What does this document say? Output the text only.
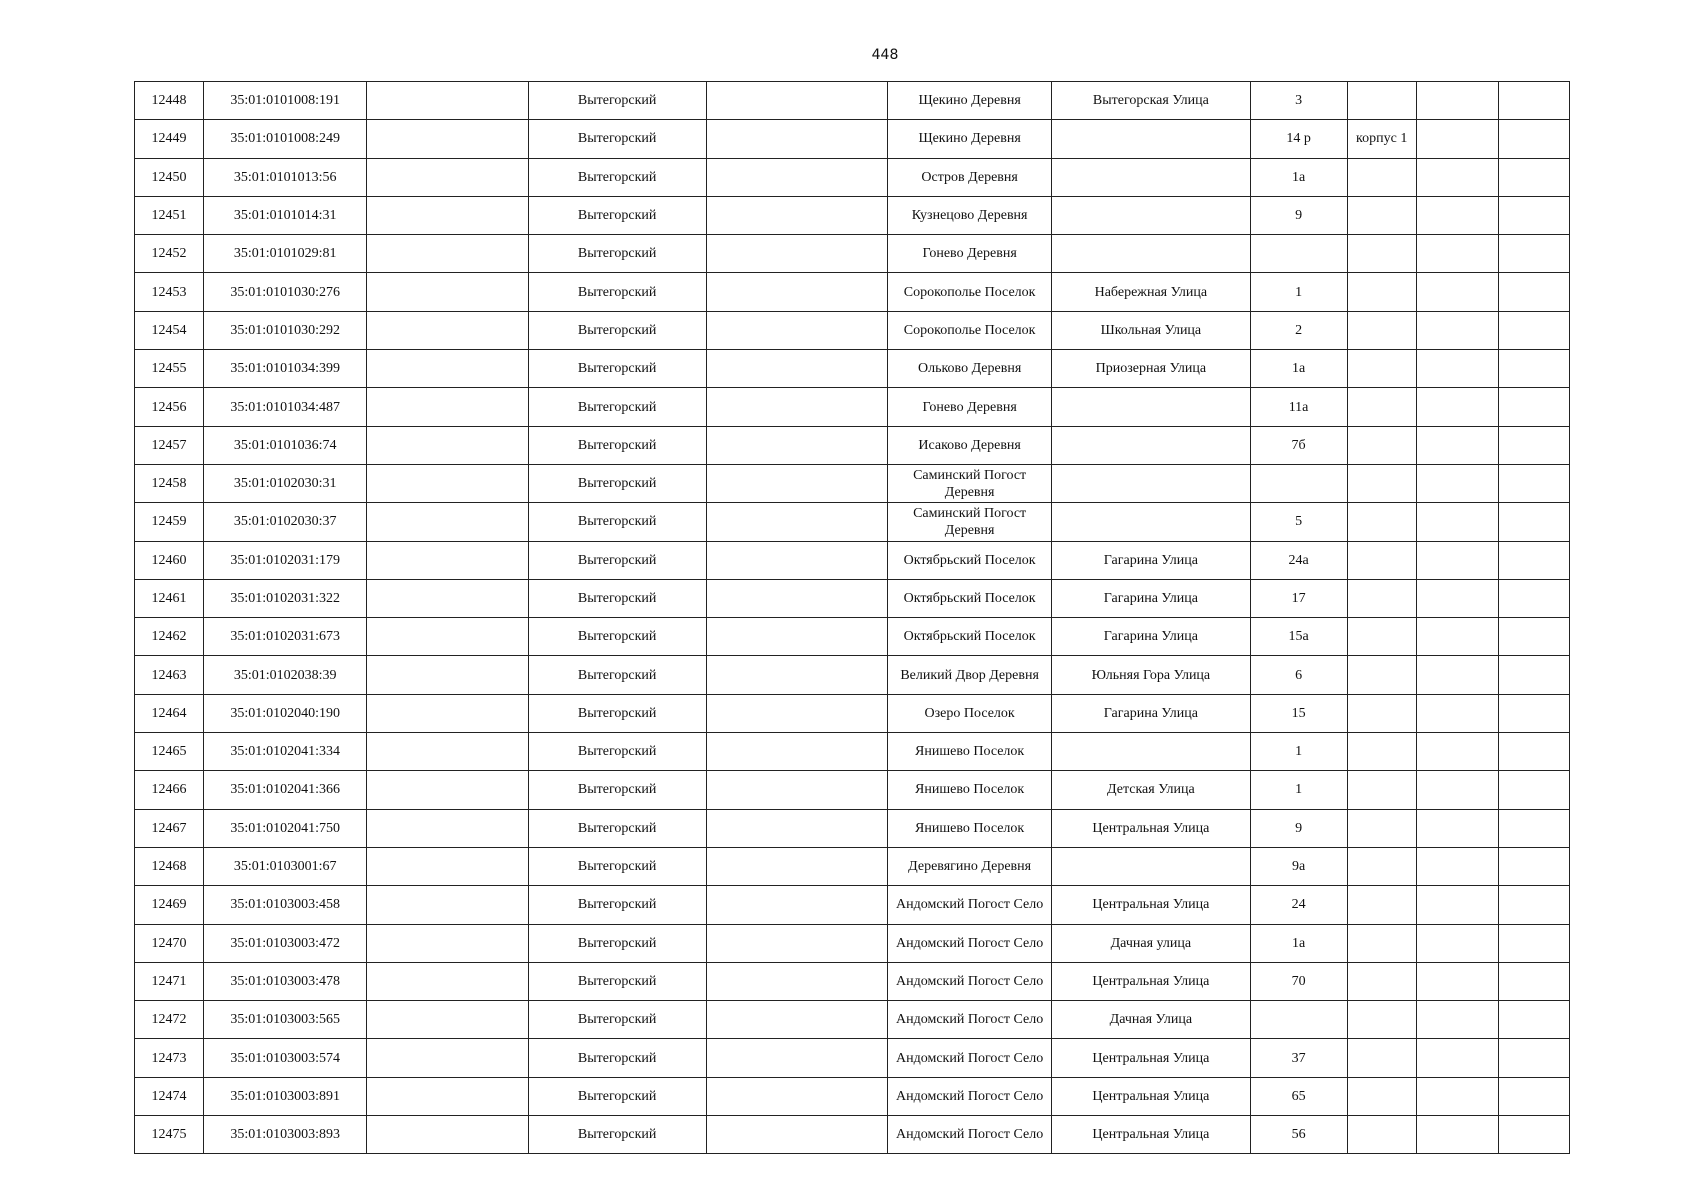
448
12448	35:01:0101008:191		Вытегорский		Щекино Деревня	Вытегорская Улица	3			
12449	35:01:0101008:249		Вытегорский		Щекино Деревня		14 р	корпус 1		
12450	35:01:0101013:56		Вытегорский		Остров Деревня		1а			
12451	35:01:0101014:31		Вытегорский		Кузнецово Деревня		9			
12452	35:01:0101029:81		Вытегорский		Гонево Деревня					
12453	35:01:0101030:276		Вытегорский		Сорокополье Поселок	Набережная Улица	1			
12454	35:01:0101030:292		Вытегорский		Сорокополье Поселок	Школьная Улица	2			
12455	35:01:0101034:399		Вытегорский		Ольково Деревня	Приозерная Улица	1а			
12456	35:01:0101034:487		Вытегорский		Гонево Деревня		11а			
12457	35:01:0101036:74		Вытегорский		Исаково Деревня		7б			
12458	35:01:0102030:31		Вытегорский		Саминский Погост Деревня					
12459	35:01:0102030:37		Вытегорский		Саминский Погост Деревня		5			
12460	35:01:0102031:179		Вытегорский		Октябрьский Поселок	Гагарина Улица	24а			
12461	35:01:0102031:322		Вытегорский		Октябрьский Поселок	Гагарина Улица	17			
12462	35:01:0102031:673		Вытегорский		Октябрьский Поселок	Гагарина Улица	15а			
12463	35:01:0102038:39		Вытегорский		Великий Двор Деревня	Юльняя Гора Улица	6			
12464	35:01:0102040:190		Вытегорский		Озеро Поселок	Гагарина Улица	15			
12465	35:01:0102041:334		Вытегорский		Янишево Поселок		1			
12466	35:01:0102041:366		Вытегорский		Янишево Поселок	Детская Улица	1			
12467	35:01:0102041:750		Вытегорский		Янишево Поселок	Центральная Улица	9			
12468	35:01:0103001:67		Вытегорский		Деревягино Деревня		9а			
12469	35:01:0103003:458		Вытегорский		Андомский Погост Село	Центральная Улица	24			
12470	35:01:0103003:472		Вытегорский		Андомский Погост Село	Дачная улица	1а			
12471	35:01:0103003:478		Вытегорский		Андомский Погост Село	Центральная Улица	70			
12472	35:01:0103003:565		Вытегорский		Андомский Погост Село	Дачная Улица				
12473	35:01:0103003:574		Вытегорский		Андомский Погост Село	Центральная Улица	37			
12474	35:01:0103003:891		Вытегорский		Андомский Погост Село	Центральная Улица	65			
12475	35:01:0103003:893		Вытегорский		Андомский Погост Село	Центральная Улица	56			
